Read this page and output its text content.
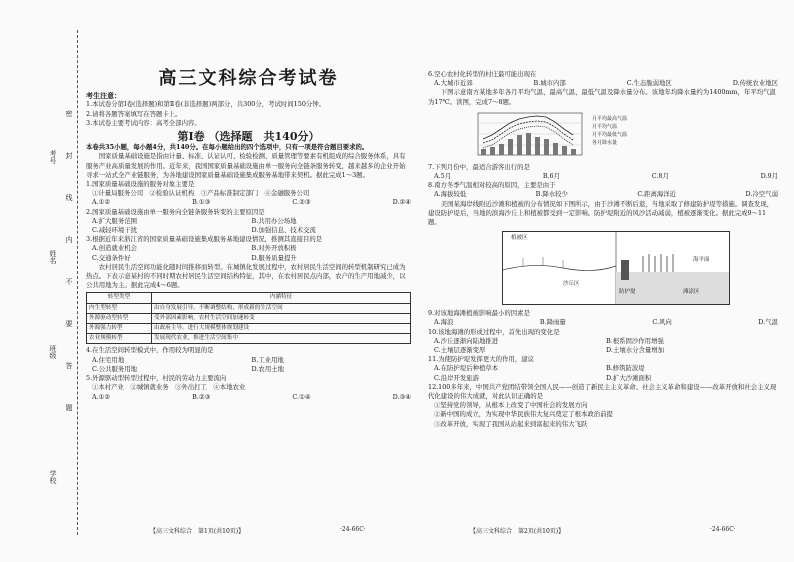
考号
姓名
班级
学校
密
封
线
内
不
要
答
题
高三文科综合考试卷

考生注意：

1.本试卷分第Ⅰ卷(选择题)和第Ⅱ卷(非选择题)两部分，共300分，考试时间150分钟。

2.请将各题答案填写在答题卡上。

3.本试卷主要考试内容：高考全部内容。

第Ⅰ卷 （选择题　共140分）

本卷共35小题，每小题4分，共140分。在每小题给出的四个选项中，只有一项是符合题目要求的。

国家质量基础设施是指由计量、标准、认证认可、检验检测、质量管理等要素有机组成的综合服务体系，具有服务产业高质量发展的作用。近年来，我国国家质量基础设施由单一服务向全链条服务转变，越来越多的企业开始寻求一站式全产业链服务，为各地建设国家质量基础设施集成服务基地带来契机。据此完成1～3题。

1.国家质量基础设施的服务对象主要是

①计量局服务公司　②检验认证机构　③产品标准制定部门　④金融服务公司

A.①②	B.①③	C.②③	D.②④

2.国家质量基础设施由单一服务向全链条服务转变的主要原因是

A.扩大服务范围	B.共用办公场地
C.减轻环境干扰	D.加强信息、技术交流

3.根据近年来浙江省的国家质量基础设施集成服务基地建设情况，推测其直接目的是

A.创造就业机会	B.对外开放积极
C.交通条件好	D.服务质量提升

农村居民生活空间功能化随时间推移而转型。在城镇化发展过程中，农村居民生活空间的转型机制研究已成为热点。下表示意某村的不同时期农村居民生活空间结构特征，其中，在农村居民点内部，农户的生产用地减少，以公共用地为主。据此完成4～6题。

转型类型	内涵特征
内生型转型	由自身发展引导，不断调整结构，形成新的生活空间
外源驱动型转型	受外部因素影响，农村生活空间加速转变
外源强力转型	由政府主导，进行大规模整体规划建设
农业规模转型	发展现代农业，推进生活空间集中

4.在生活空间转型模式中，作用较为明显的是

A.住宅用地	B.工业用地
C.公共服务用地	D.农用土地

5.外源驱动型转型过程中，村民的劳动力主要流向

①本村产业　②城镇就业务　③外出打工　④本地农业

A.①②	B.②③	C.①④	D.③④
【高三文科综合　第1页(共10页)】	·24-66C·

6.空心农村化转型的村庄最可能出现在

A.大城市近郊	B.城市内部	C.生态脆弱地区	D.传统农业地区

下图示意南方某地多年各月平均气温、最高气温、最低气温及降水量分布。该地年均降水量约为1400mm，年平均气温为17℃。读图，完成7～8题。

月平均最高气温
月平均气温
月平均最低气温
各月降水量

7.下列月份中，最适合游客出行的是

A.5月	B.6月	C.8月	D.9月

8.南方冬季气温相对较高的原因，主要是由于

A.海拔较低	B.降水较少	C.距离海洋近	D.冷空气弱

美国某海岸线附近沙滩和植被的分布情况如下图所示，由于沙滩不断后退，当地采取了修建防护堤等措施。调查发现，建设防护堤后，当地的滨海沙丘上和植被都受到一定影响。防护堤附近的风沙活动减弱，植被逐渐变化。据此完成9～11题。

植被区
沙丘区
防护堤	滩涂区
海平面

9.对该地海滩植被影响最小的因素是

A.海浪	B.降雨量	C.风向	D.气温

10.该地海滩的形成过程中，首先出现的变化是

A.沙丘逐渐向陆地推进	B.根系固沙作用增强
C.土壤层逐渐变厚	D.土壤水分含量增加

11.为使防护堤发挥更大的作用，建议

A.在防护堤后种植草本	B.修筑防波堤
C.沿岸开发旅游	D.扩大沙滩面积

12.100多年来，中国共产党团结带领全国人民——创造了新民主主义革命、社会主义革命和建设——改革开放和社会主义现代化建设的伟大成就，对此认识正确的是

①坚持党的领导，从根本上改变了中国社会的发展方向

②新中国的成立，为实现中华民族伟大复兴奠定了根本政治前提

③改革开放，实现了我国从站起来到富起来的伟大飞跃

【高三文科综合　第2页(共10页)】	·24-66C·
